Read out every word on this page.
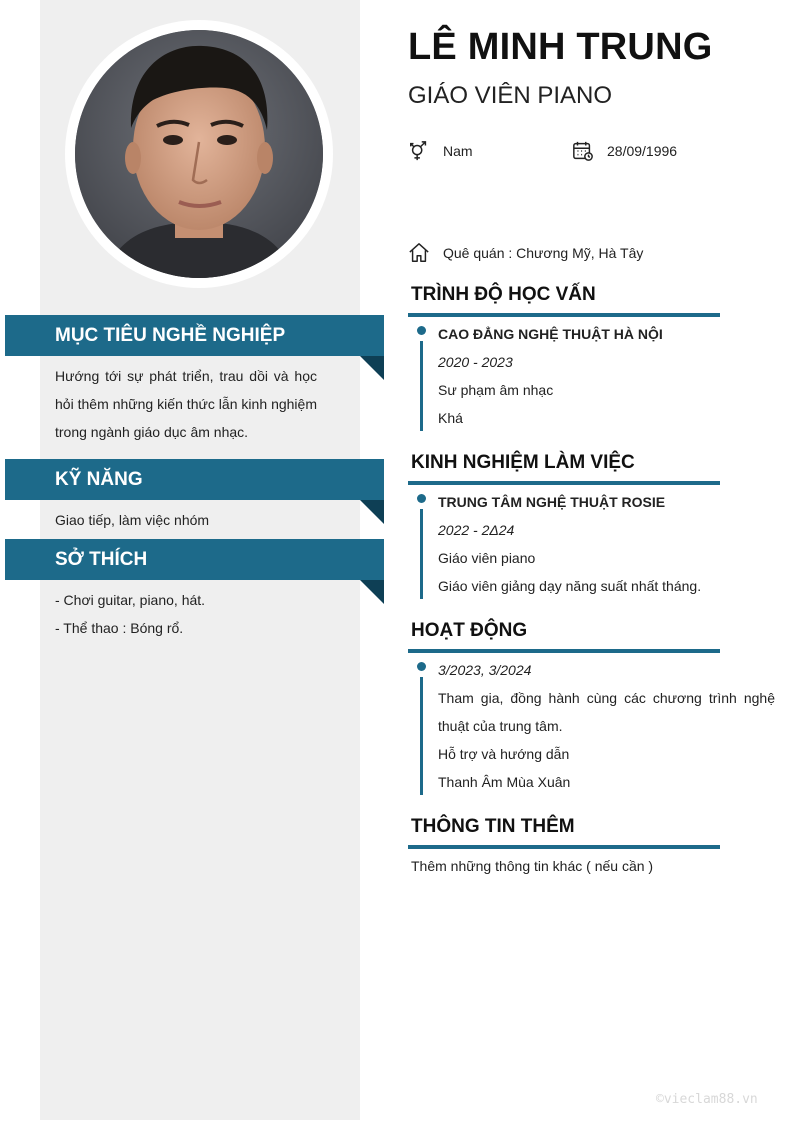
MỤC TIÊU NGHỀ NGHIỆP
Hướng tới sự phát triển, trau dồi và học hỏi thêm những kiến thức lẫn kinh nghiệm trong ngành giáo dục âm nhạc.
KỸ NĂNG
Giao tiếp, làm việc nhóm
SỞ THÍCH
- Chơi guitar, piano, hát.
- Thể thao : Bóng rổ.
LÊ MINH TRUNG
GIÁO VIÊN PIANO
Nam	28/09/1996
Quê quán : Chương Mỹ, Hà Tây
TRÌNH ĐỘ HỌC VẤN
CAO ĐẲNG NGHỆ THUẬT HÀ NỘI
2020 - 2023
Sư phạm âm nhạc
Khá
KINH NGHIỆM LÀM VIỆC
TRUNG TÂM NGHỆ THUẬT ROSIE
2022 - 2Δ24
Giáo viên piano
Giáo viên giảng dạy năng suất nhất tháng.
HOẠT ĐỘNG
3/2023, 3/2024
Tham gia, đồng hành cùng các chương trình nghệ thuật của trung tâm.
Hỗ trợ và hướng dẫn
Thanh Âm Mùa Xuân
THÔNG TIN THÊM
Thêm những thông tin khác ( nếu cần )
©vieclam88.vn
